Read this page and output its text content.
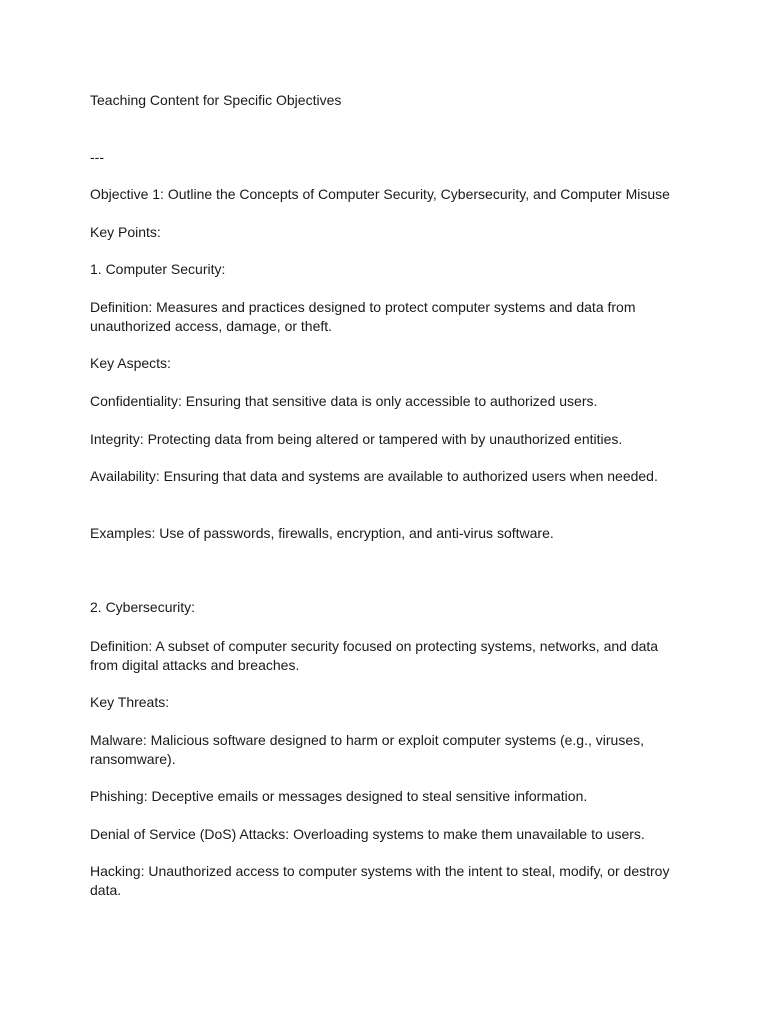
Teaching Content for Specific Objectives
---
Objective 1: Outline the Concepts of Computer Security, Cybersecurity, and Computer Misuse
Key Points:
1. Computer Security:
Definition: Measures and practices designed to protect computer systems and data from unauthorized access, damage, or theft.
Key Aspects:
Confidentiality: Ensuring that sensitive data is only accessible to authorized users.
Integrity: Protecting data from being altered or tampered with by unauthorized entities.
Availability: Ensuring that data and systems are available to authorized users when needed.
Examples: Use of passwords, firewalls, encryption, and anti-virus software.
2. Cybersecurity:
Definition: A subset of computer security focused on protecting systems, networks, and data from digital attacks and breaches.
Key Threats:
Malware: Malicious software designed to harm or exploit computer systems (e.g., viruses, ransomware).
Phishing: Deceptive emails or messages designed to steal sensitive information.
Denial of Service (DoS) Attacks: Overloading systems to make them unavailable to users.
Hacking: Unauthorized access to computer systems with the intent to steal, modify, or destroy data.
